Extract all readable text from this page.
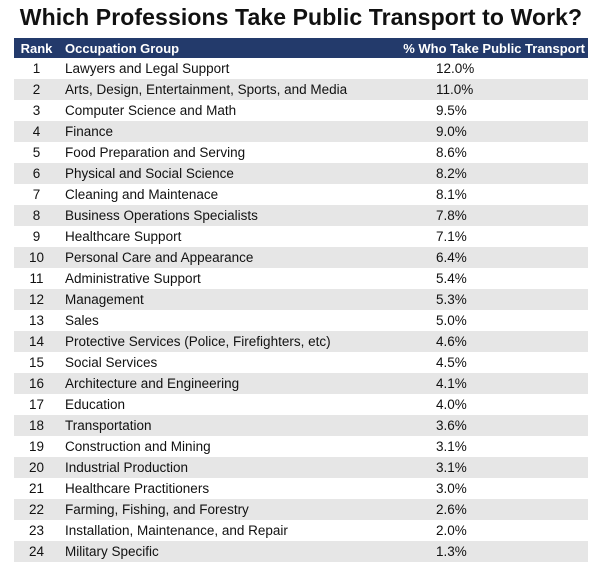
Which Professions Take Public Transport to Work?
Rank	Occupation Group	% Who Take Public Transport
1	Lawyers and Legal Support	12.0%
2	Arts, Design, Entertainment, Sports, and Media	11.0%
3	Computer Science and Math	9.5%
4	Finance	9.0%
5	Food Preparation and Serving	8.6%
6	Physical and Social Science	8.2%
7	Cleaning and Maintenace	8.1%
8	Business Operations Specialists	7.8%
9	Healthcare Support	7.1%
10	Personal Care and Appearance	6.4%
11	Administrative Support	5.4%
12	Management	5.3%
13	Sales	5.0%
14	Protective Services (Police, Firefighters, etc)	4.6%
15	Social Services	4.5%
16	Architecture and Engineering	4.1%
17	Education	4.0%
18	Transportation	3.6%
19	Construction and Mining	3.1%
20	Industrial Production	3.1%
21	Healthcare Practitioners	3.0%
22	Farming, Fishing, and Forestry	2.6%
23	Installation, Maintenance, and Repair	2.0%
24	Military Specific	1.3%
